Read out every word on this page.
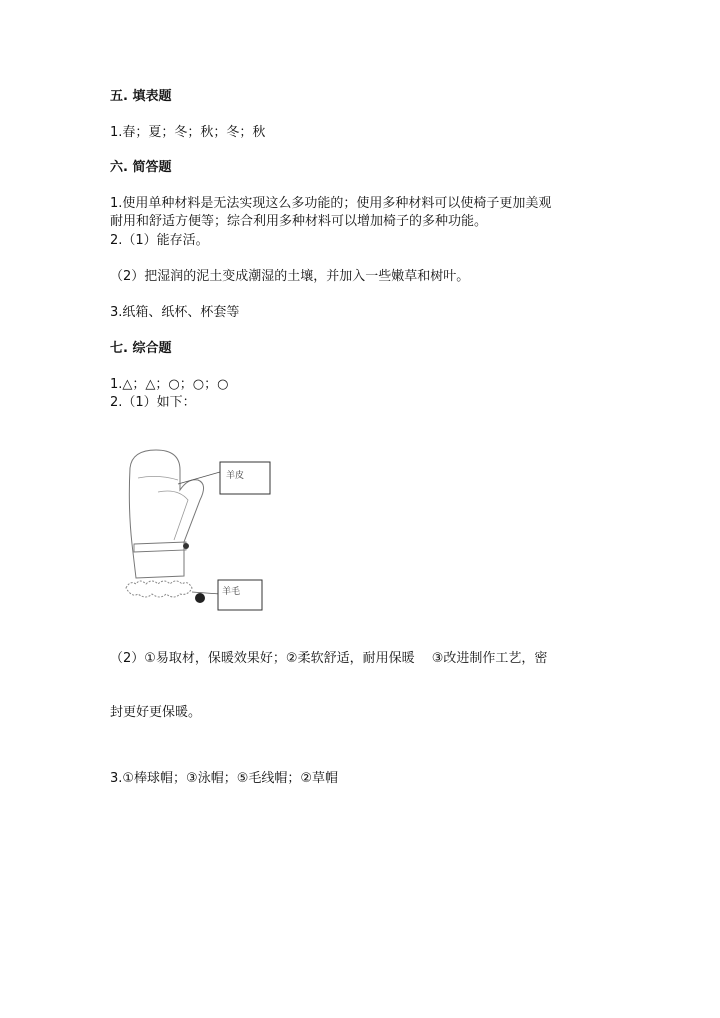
五. 填表题
1.春；夏；冬；秋；冬；秋
六. 简答题
1.使用单种材料是无法实现这么多功能的；使用多种材料可以使椅子更加美观
耐用和舒适方便等；综合利用多种材料可以增加椅子的多种功能。
2.（1）能存活。
（2）把湿润的泥土变成潮湿的土壤，并加入一些嫩草和树叶。
3.纸箱、纸杯、杯套等
七. 综合题
1.△；△；○；○；○
2.（1）如下：
羊皮
羊毛
（2）①易取材，保暖效果好；②柔软舒适，耐用保暖　 ③改进制作工艺，密
封更好更保暖。
3.①棒球帽；③泳帽；⑤毛线帽；②草帽
